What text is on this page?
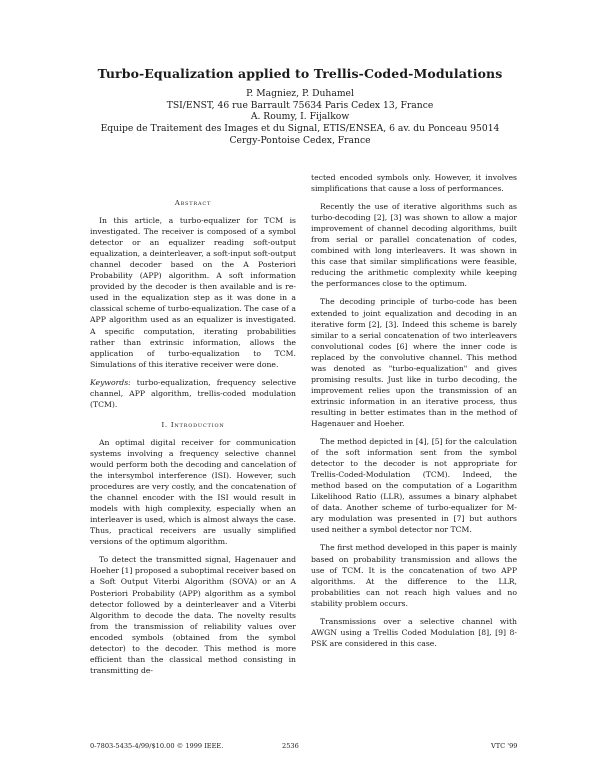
Turbo-Equalization applied to Trellis-Coded-Modulations
P. Magniez, P. Duhamel
TSI/ENST, 46 rue Barrault 75634 Paris Cedex 13, France
A. Roumy, I. Fijalkow
Equipe de Traitement des Images et du Signal, ETIS/ENSEA, 6 av. du Ponceau 95014
Cergy-Pontoise Cedex, France
Abstract

In this article, a turbo-equalizer for TCM is investigated. The receiver is composed of a symbol detector or an equalizer reading soft-output equalization, a deinterleaver, a soft-input soft-output channel decoder based on the A Posteriori Probability (APP) algorithm. A soft information provided by the decoder is then available and is re-used in the equalization step as it was done in a classical scheme of turbo-equalization. The case of a APP algorithm used as an equalizer is investigated. A specific computation, iterating probabilities rather than extrinsic information, allows the application of turbo-equalization to TCM. Simulations of this iterative receiver were done.

Keywords: turbo-equalization, frequency selective channel, APP algorithm, trellis-coded modulation (TCM).

I. Introduction

An optimal digital receiver for communication systems involving a frequency selective channel would perform both the decoding and cancelation of the intersymbol interference (ISI). However, such procedures are very costly, and the concatenation of the channel encoder with the ISI would result in models with high complexity, especially when an interleaver is used, which is almost always the case. Thus, practical receivers are usually simplified versions of the optimum algorithm.

To detect the transmitted signal, Hagenauer and Hoeher [1] proposed a suboptimal receiver based on a Soft Output Viterbi Algorithm (SOVA) or an A Posteriori Probability (APP) algorithm as a symbol detector followed by a deinterleaver and a Viterbi Algorithm to decode the data. The novelty results from the transmission of reliability values over encoded symbols (obtained from the symbol detector) to the decoder. This method is more efficient than the classical method consisting in transmitting de-

tected encoded symbols only. However, it involves simplifications that cause a loss of performances.

Recently the use of iterative algorithms such as turbo-decoding [2], [3] was shown to allow a major improvement of channel decoding algorithms, built from serial or parallel concatenation of codes, combined with long interleavers. It was shown in this case that similar simplifications were feasible, reducing the arithmetic complexity while keeping the performances close to the optimum.

The decoding principle of turbo-code has been extended to joint equalization and decoding in an iterative form [2], [3]. Indeed this scheme is barely similar to a serial concatenation of two interleavers convolutional codes [6] where the inner code is replaced by the convolutive channel. This method was denoted as "turbo-equalization" and gives promising results. Just like in turbo decoding, the improvement relies upon the transmission of an extrinsic information in an iterative process, thus resulting in better estimates than in the method of Hagenauer and Hoeher.

The method depicted in [4], [5] for the calculation of the soft information sent from the symbol detector to the decoder is not appropriate for Trellis-Coded-Modulation (TCM). Indeed, the method based on the computation of a Logarithm Likelihood Ratio (LLR), assumes a binary alphabet of data. Another scheme of turbo-equalizer for M-ary modulation was presented in [7] but authors used neither a symbol detector nor TCM.

The first method developed in this paper is mainly based on probability transmission and allows the use of TCM. It is the concatenation of two APP algorithms. At the difference to the LLR, probabilities can not reach high values and no stability problem occurs.

Transmissions over a selective channel with AWGN using a Trellis Coded Modulation [8], [9] 8-PSK are considered in this case.

0-7803-5435-4/99/$10.00 © 1999 IEEE.	2536	VTC '99
